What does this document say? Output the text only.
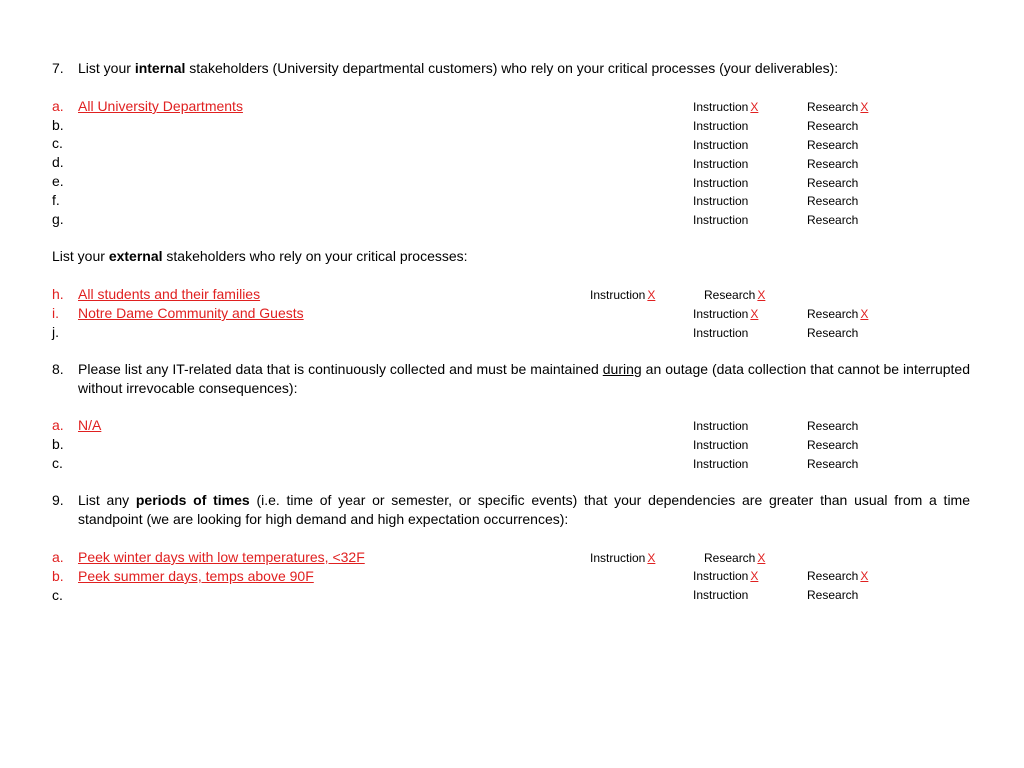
7. List your internal stakeholders (University departmental customers) who rely on your critical processes (your deliverables):
a.	All University Departments	Instruction X	Research X
b.	Instruction	Research
c.	Instruction	Research
d.	Instruction	Research
e.	Instruction	Research
f.	Instruction	Research
g.	Instruction	Research
List your external stakeholders who rely on your critical processes:
h.	All students and their families	Instruction X	Research X
i.	Notre Dame Community and Guests	Instruction X	Research X
j.	Instruction	Research
8. Please list any IT-related data that is continuously collected and must be maintained during an outage (data collection that cannot be interrupted without irrevocable consequences):
a.	N/A	Instruction	Research
b.	Instruction	Research
c.	Instruction	Research
9. List any periods of times (i.e. time of year or semester, or specific events) that your dependencies are greater than usual from a time standpoint (we are looking for high demand and high expectation occurrences):
a.	Peek winter days with low temperatures, <32F	Instruction X	Research X
b.	Peek summer days, temps above 90F	Instruction X	Research X
c.	Instruction	Research
